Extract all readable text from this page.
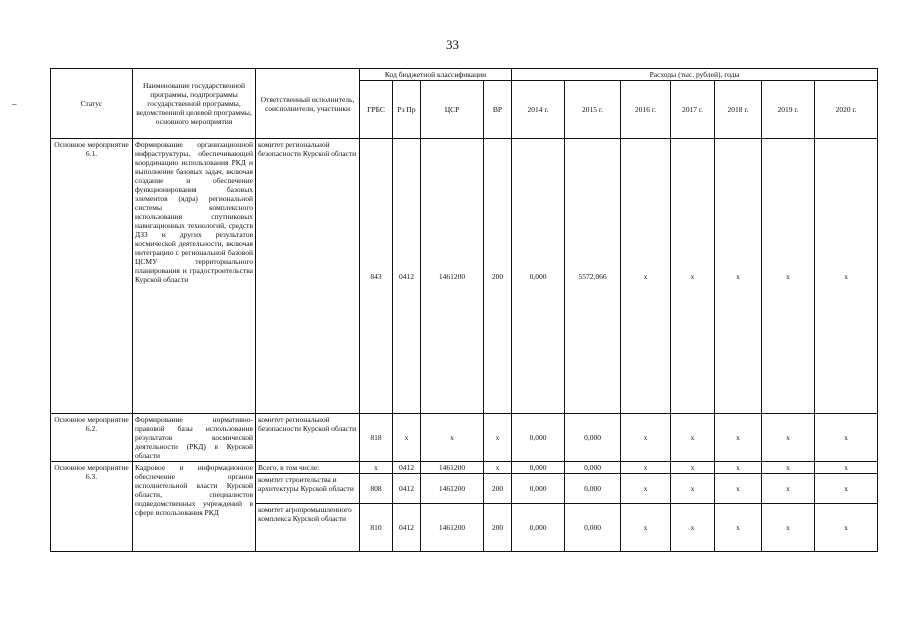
33
–	Статус	Наименование государственной программы, подпрограммы государственной программы, ведомственной целевой программы, основного мероприятия	Ответственный исполнитель, соисполнители, участники	Код бюджетной классификации				Расходы (тыс. рублей), годы						
			ГРБС	Рз Пр	ЦСР	ВР	2014 г.	2015 г.	2016 г.	2017 г.	2018 г.	2019 г.	2020 г.
Основное мероприятие 6.1.	Формирование организационной инфраструктуры, обеспечивающей координацию использования РКД и выполнение базовых задач, включая создание и обеспечение функционирования базовых элементов (ядра) региональной системы комплексного использования спутниковых навигационных технологий, средств ДЗЗ и других результатов космической деятельности, включая интеграцию с региональной базовой ЦСМУ территориального планирования и градостроительства Курской области	комитет региональной безопасности Курской области	843	0412	1461200	200	0,000	5572,066	x	x	x	x	x
Основное мероприятие 6.2.	Формирование нормативно-правовой базы использования результатов космической деятельности (РКД) в Курской области	комитет региональной безопасности Курской области	818	x	x	x	0,000	0,000	x	x	x	x	x
Основное мероприятие 6.3.	Кадровое и информационное обеспечение органов исполнительной власти Курской области, специалистов подведомственных учреждений в сфере использования РКД	Всего, в том числе:	x	0412	1461200	x	0,000	0,000	x	x	x	x	x
		комитет строительства и архитектуры Курской области	808	0412	1461200	200	0,000	0,000	x	x	x	x	x
		комитет агропромышленного комплекса Курской области	810	0412	1461200	200	0,000	0,000	x	x	x	x	x
